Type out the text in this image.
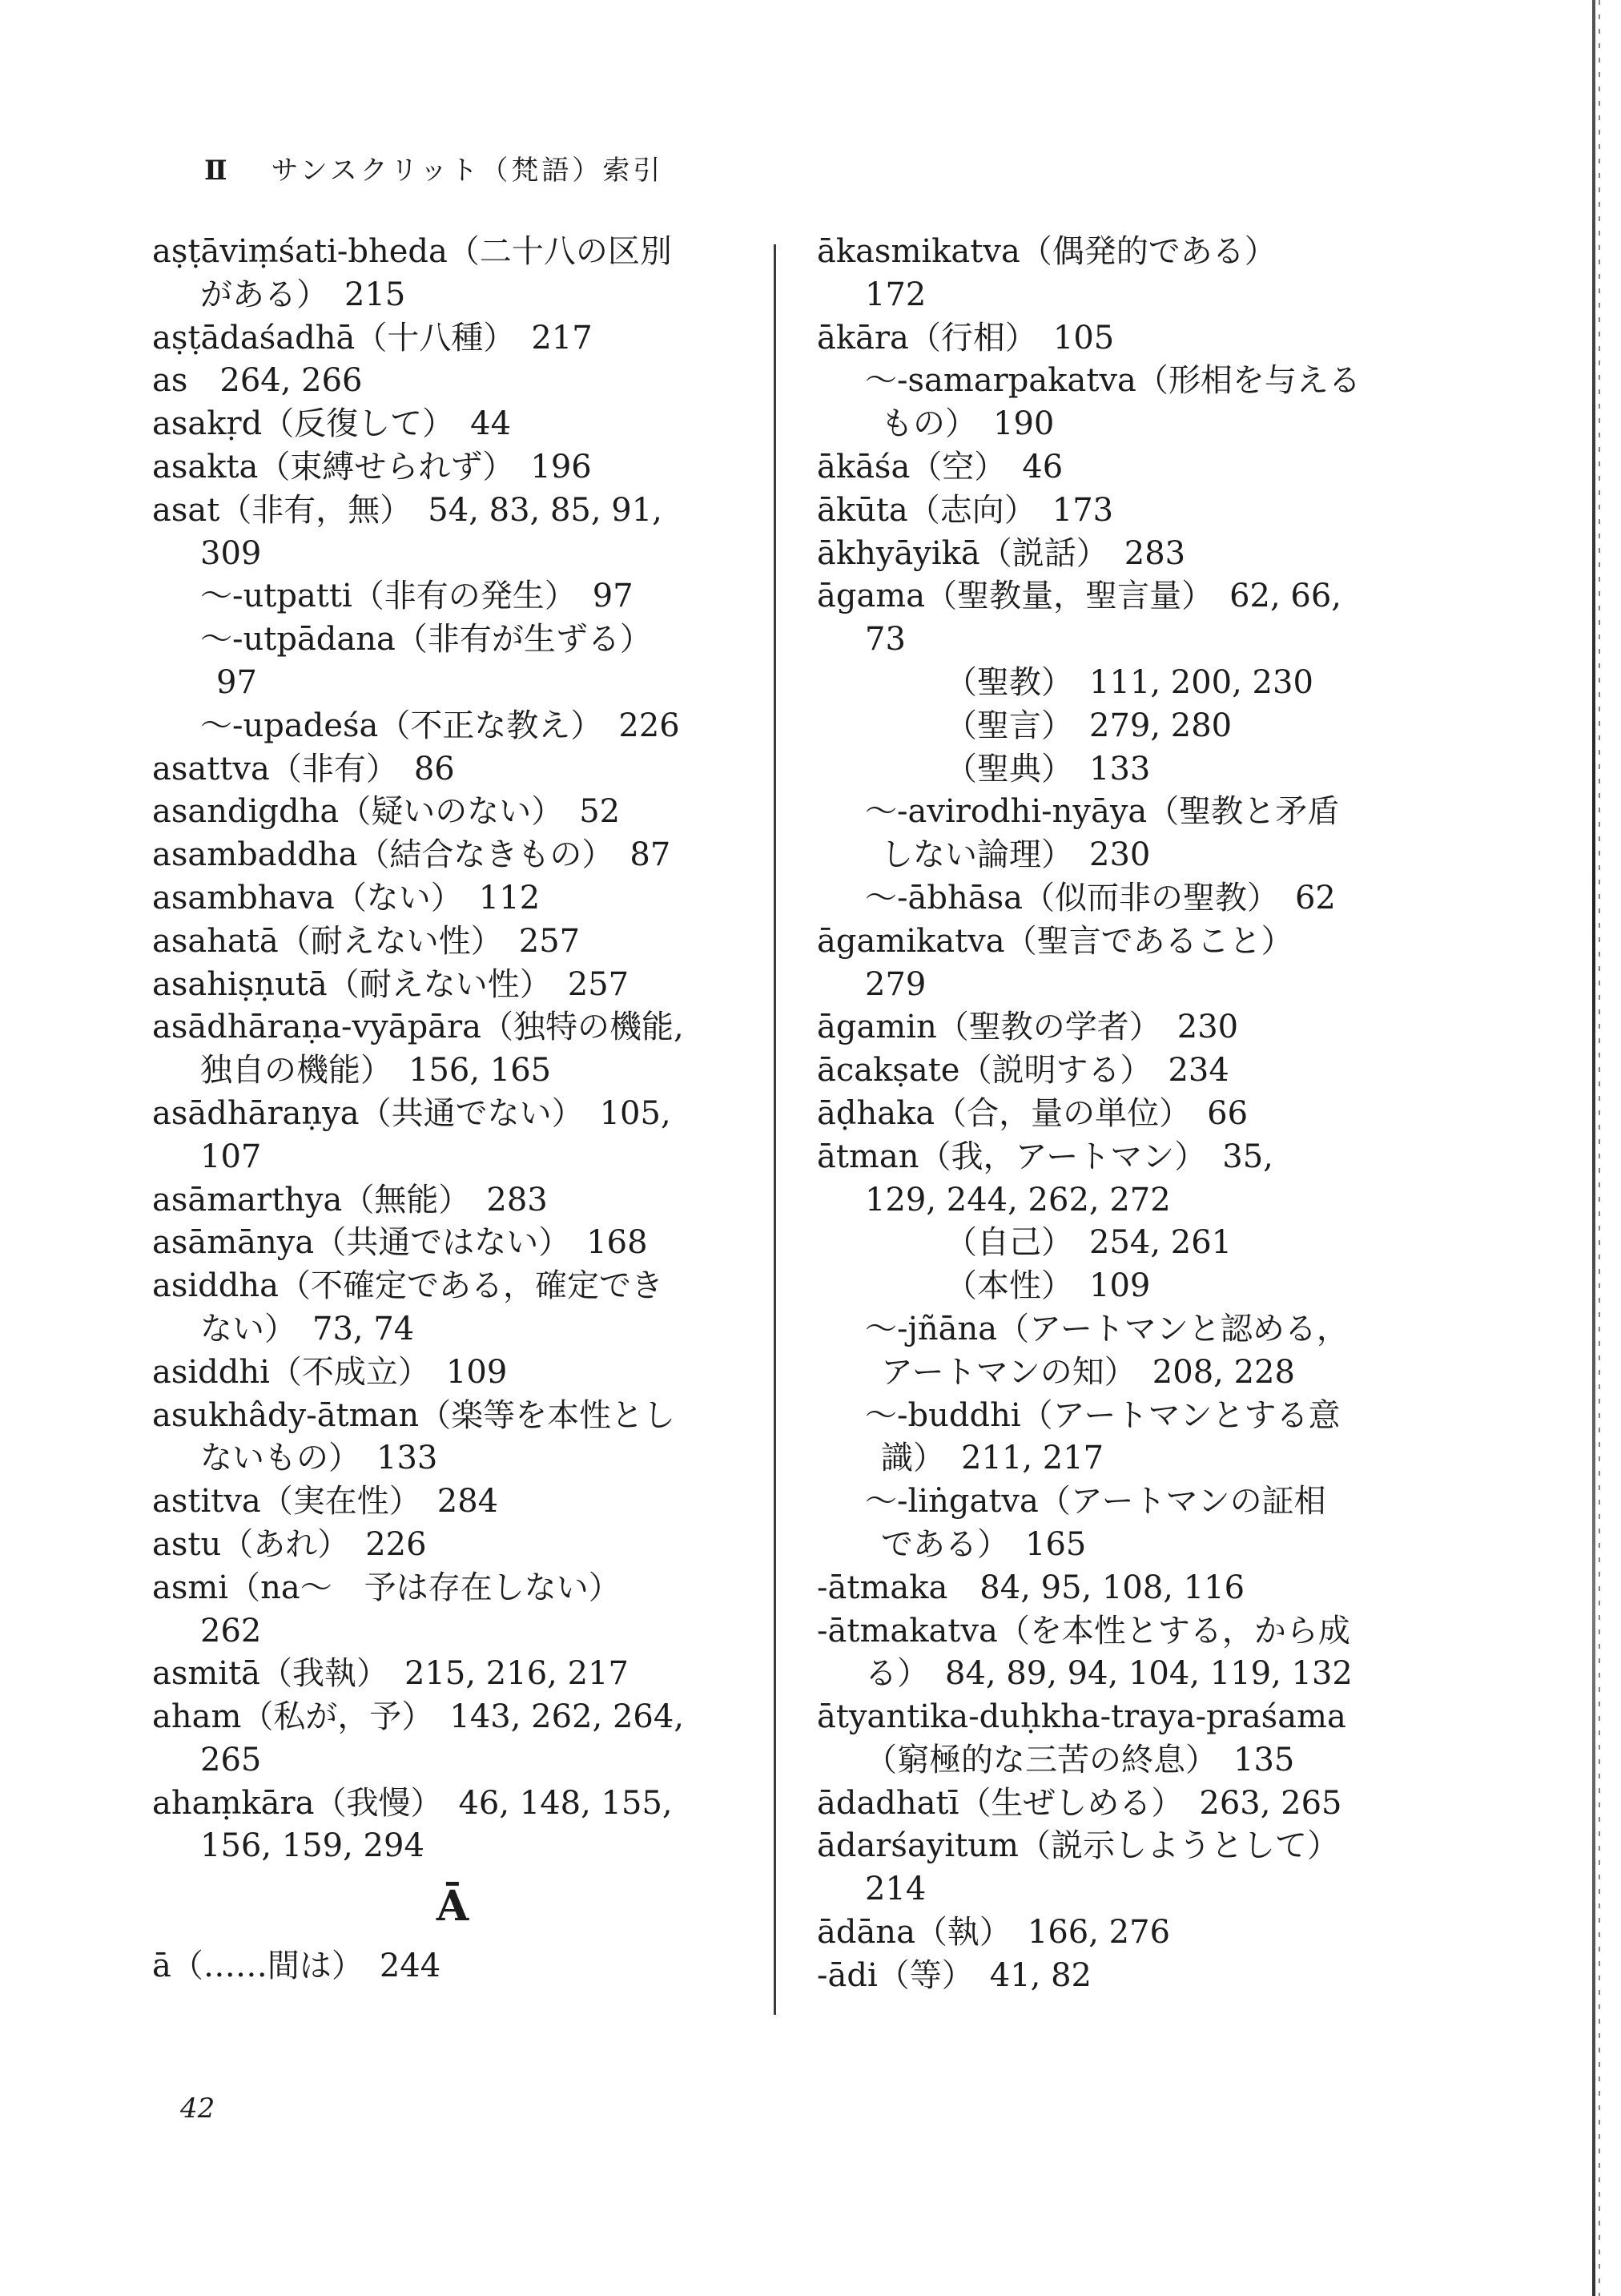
Ⅱ サンスクリット（梵語）索引
aṣṭāviṃśati-bheda（二十八の区別
がある）　215
aṣṭādaśadhā（十八種）　217
as　264, 266
asakṛd（反復して）　44
asakta（束縛せられず）　196
asat（非有，無）　54, 83, 85, 91,
309
～-utpatti（非有の発生）　97
～-utpādana（非有が生ずる）
97
～-upadeśa（不正な教え）　226
asattva（非有）　86
asandigdha（疑いのない）　52
asambaddha（結合なきもの）　87
asambhava（ない）　112
asahatā（耐えない性）　257
asahiṣṇutā（耐えない性）　257
asādhāraṇa-vyāpāra（独特の機能,
独自の機能）　156, 165
asādhāraṇya（共通でない）　105,
107
asāmarthya（無能）　283
asāmānya（共通ではない）　168
asiddha（不確定である，確定でき
ない）　73, 74
asiddhi（不成立）　109
asukhâdy-ātman（楽等を本性とし
ないもの）　133
astitva（実在性）　284
astu（あれ）　226
asmi（na～　予は存在しない）
262
asmitā（我執）　215, 216, 217
aham（私が，予）　143, 262, 264,
265
ahaṃkāra（我慢）　46, 148, 155,
156, 159, 294
Ā
ā（……間は）　244
ākasmikatva（偶発的である）
172
ākāra（行相）　105
～-samarpakatva（形相を与える
もの）　190
ākāśa（空）　46
ākūta（志向）　173
ākhyāyikā（説話）　283
āgama（聖教量，聖言量）　62, 66,
73
（聖教）　111, 200, 230
（聖言）　279, 280
（聖典）　133
～-avirodhi-nyāya（聖教と矛盾
しない論理）　230
～-ābhāsa（似而非の聖教）　62
āgamikatva（聖言であること）
279
āgamin（聖教の学者）　230
ācakṣate（説明する）　234
āḍhaka（合，量の単位）　66
ātman（我，アートマン）　35,
129, 244, 262, 272
（自己）　254, 261
（本性）　109
～-jñāna（アートマンと認める，
アートマンの知）　208, 228
～-buddhi（アートマンとする意
識）　211, 217
～-liṅgatva（アートマンの証相
である）　165
-ātmaka　84, 95, 108, 116
-ātmakatva（を本性とする，から成
る）　84, 89, 94, 104, 119, 132
ātyantika-duḥkha-traya-praśama
（窮極的な三苦の終息）　135
ādadhatī（生ぜしめる）　263, 265
ādarśayitum（説示しようとして）
214
ādāna（執）　166, 276
-ādi（等）　41, 82
42
